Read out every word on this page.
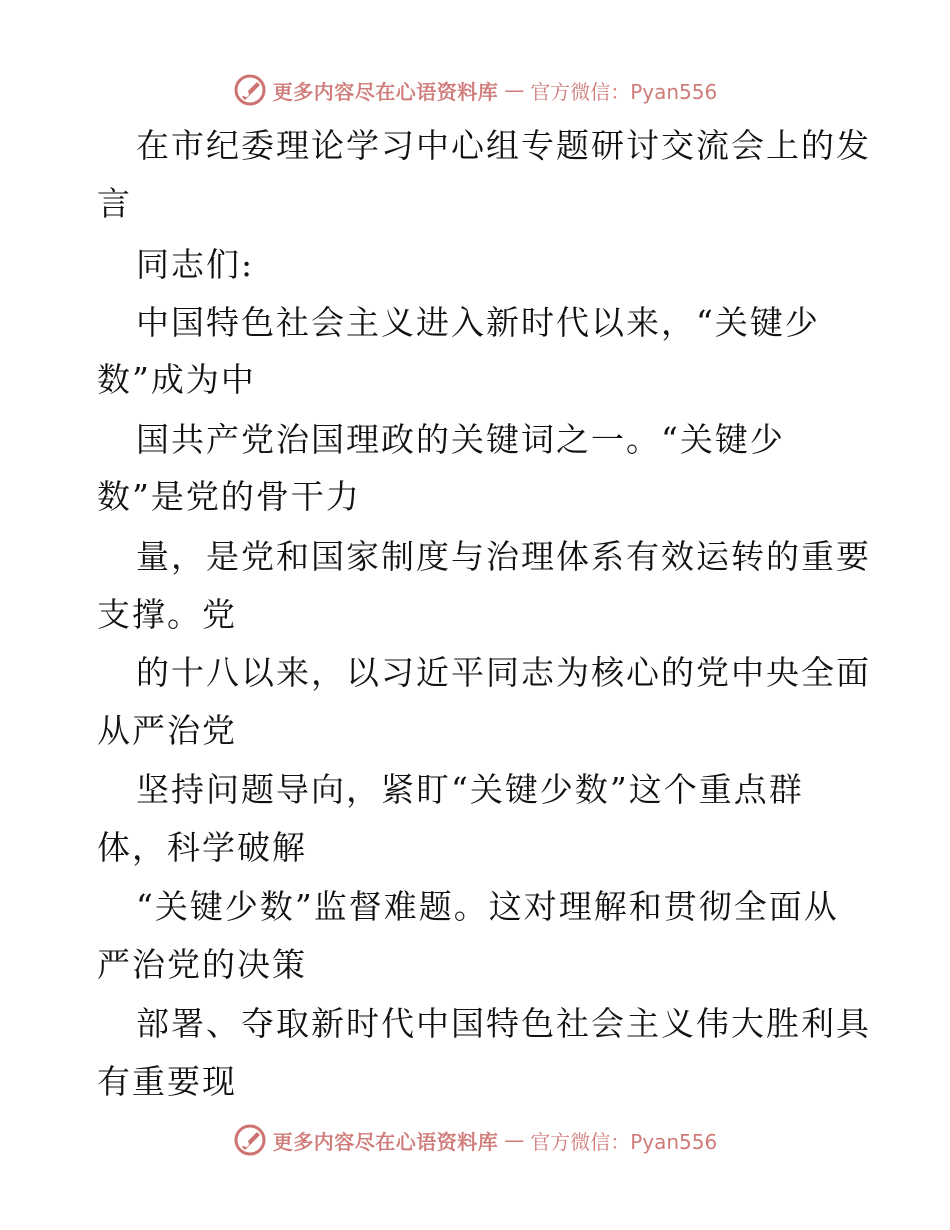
更多内容尽在心语资料库 — 官方微信：Pyan556
在市纪委理论学习中心组专题研讨交流会上的发
言
同志们:
中国特色社会主义进入新时代以来，“关键少
数”成为中
国共产党治国理政的关键词之一。“关键少
数”是党的骨干力
量，是党和国家制度与治理体系有效运转的重要
支撑。党
的十八以来，以习近平同志为核心的党中央全面
从严治党
坚持问题导向，紧盯“关键少数”这个重点群
体，科学破解
“关键少数”监督难题。这对理解和贯彻全面从
严治党的决策
部署、夺取新时代中国特色社会主义伟大胜利具
有重要现
更多内容尽在心语资料库 — 官方微信：Pyan556
